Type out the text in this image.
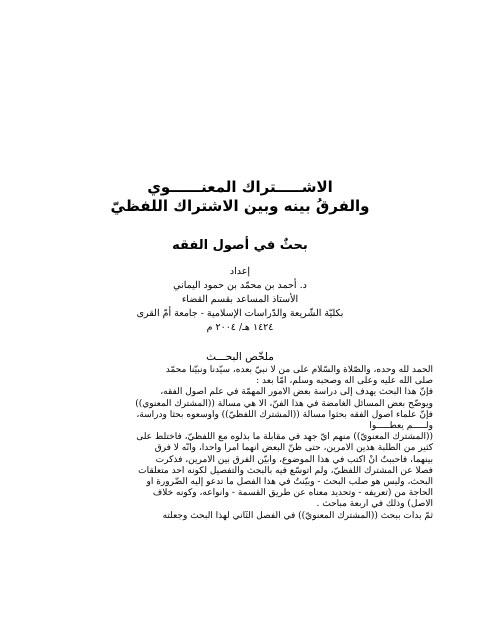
الاشـــــتراك المعنــــــوي
والفرقُ بينه وبين الاشتراك اللفظيّ
بحثٌ في أصول الفقه
إعداد
د. أحمد بن محمّد بن حمود اليماني
الأستاذ المساعد بقسم القضاء
بكليّة الشّريعة والدّراسات الإسلامية - جامعة أمّ القرى
١٤٢٤ هـ/ ٢٠٠٤ م
ملخّص البحـــث

الحمد لله وحده، والصّلاة والسّلام على من لا نبيّ بعده، سيّدنا ونبيّنا محمّد

صلى الله عليه وعلى آله وصحبه وسلّم، أمّا بعد :

فإنّ هذا البحث يهدف إلى دراسة بعض الأمور المهمّة في علم أصول الفقه،

ويوضّح بعض المسائل الغامضة في هذا الفنّ، ألا هي مسألة ((المشترك المعنوي))

فإنّ علماء أصول الفقه بحثوا مسألة ((المشترك اللفظيّ)) وأوسعوه بحثاً ودراسة،

ولـــــم يعطـــــوا

((المشترك المعنويّ)) منهم أيّ جهد في مقابلة ما بذلوه مع اللفظيّ، فاختلط على

كثير من الطلبة هذين الأمرين، حتى ظنّ البعض أنهما أمراً واحداً، وأنّه لا فرق

بينهما، فأحببتُ أنْ أكتب في هذا الموضوع، وأبيّن الفرق بين الأمرين، فذكرت

فصلاً عن المشترك اللفظيّ، ولم أتوسّع فيه بالبحث والتفصيل لكونه أحد متعلّقات

البحث، وليس هو صلب البحث - وبيّنتُ في هذا الفصل ما تدعو إليه الضّرورة أو

الحاجة من (تعريفه - وتحديد معناه عن طريق القسمة - وأنواعه، وكونه خلاف

الأصل) وذلك في أربعة مباحث .

ثمّ بدأت ببحث ((المشترك المعنويّ)) في الفصل الثّاني لهذا البحث وجعلته
